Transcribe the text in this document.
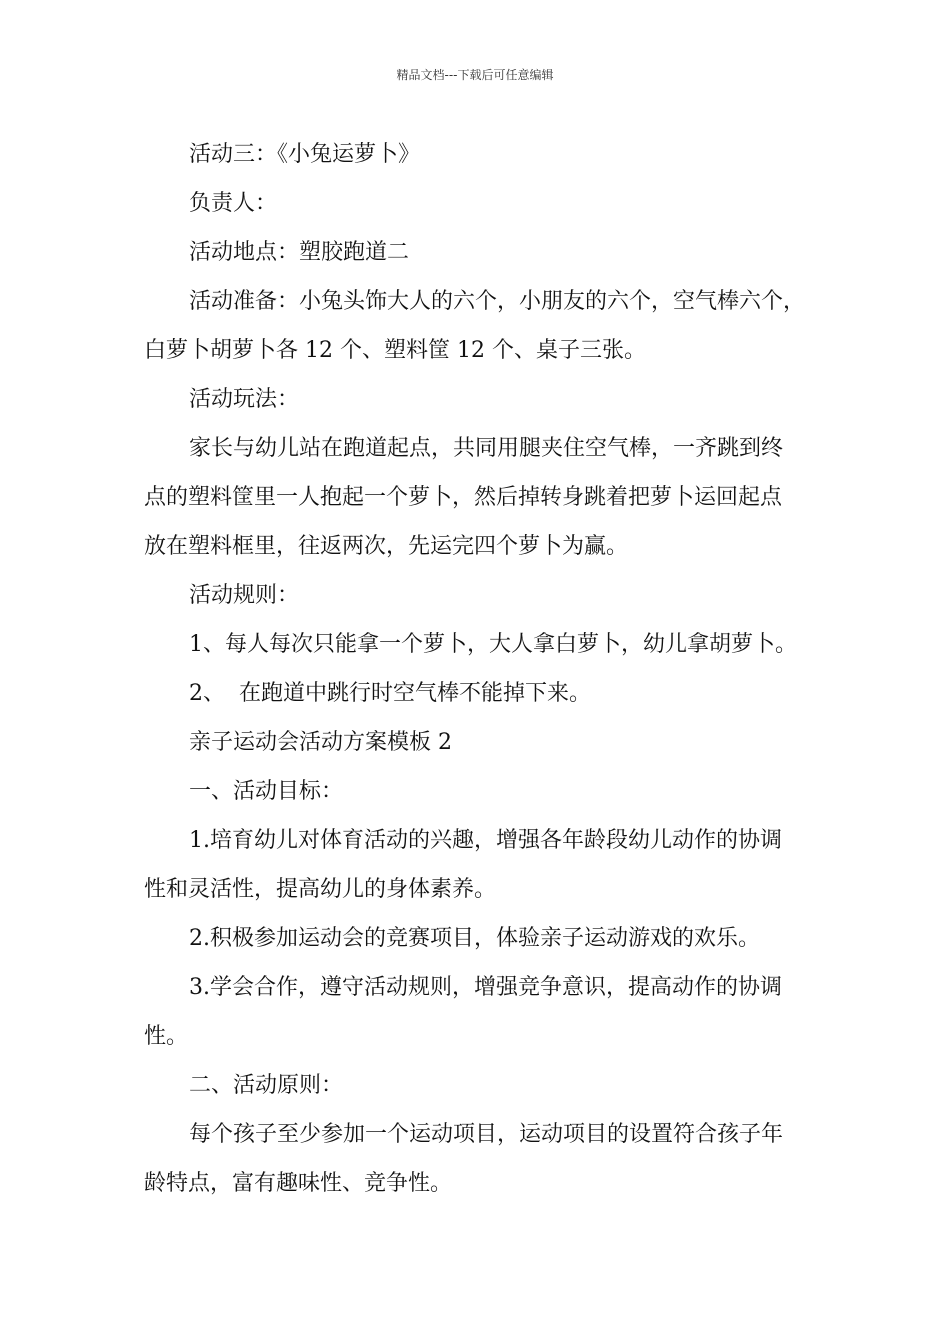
精品文档---下载后可任意编辑
活动三：《小兔运萝卜》
负责人：
活动地点：塑胶跑道二
活动准备：小兔头饰大人的六个，小朋友的六个，空气棒六个，
白萝卜胡萝卜各 12 个、塑料筐 12 个、桌子三张。
活动玩法：
家长与幼儿站在跑道起点，共同用腿夹住空气棒，一齐跳到终
点的塑料筐里一人抱起一个萝卜，然后掉转身跳着把萝卜运回起点
放在塑料框里，往返两次，先运完四个萝卜为赢。
活动规则：
1、每人每次只能拿一个萝卜，大人拿白萝卜，幼儿拿胡萝卜。
2、  在跑道中跳行时空气棒不能掉下来。
亲子运动会活动方案模板 2
一、活动目标：
1.培育幼儿对体育活动的兴趣，增强各年龄段幼儿动作的协调
性和灵活性，提高幼儿的身体素养。
2.积极参加运动会的竞赛项目，体验亲子运动游戏的欢乐。
3.学会合作，遵守活动规则，增强竞争意识，提高动作的协调
性。
二、活动原则：
每个孩子至少参加一个运动项目，运动项目的设置符合孩子年
龄特点，富有趣味性、竞争性。
